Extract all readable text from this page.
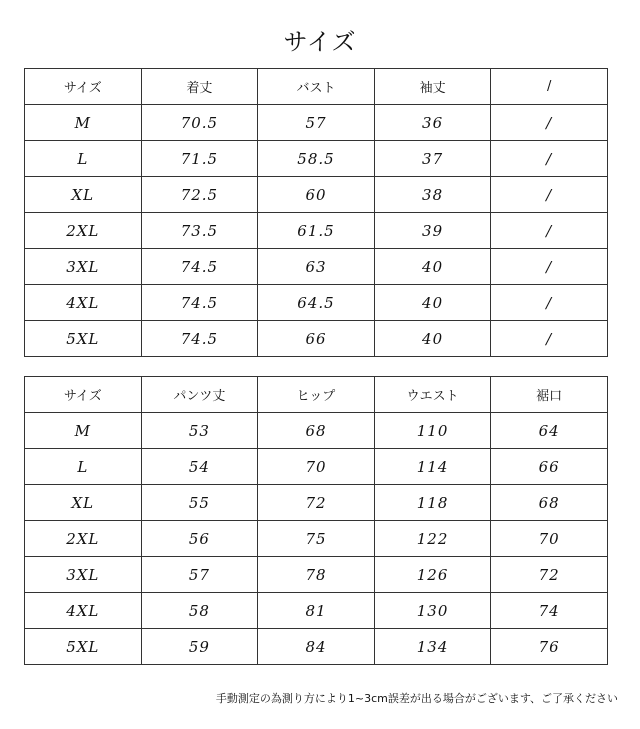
サイズ
サイズ	着丈	バスト	袖丈	/
M	70.5	57	36	/
L	71.5	58.5	37	/
XL	72.5	60	38	/
2XL	73.5	61.5	39	/
3XL	74.5	63	40	/
4XL	74.5	64.5	40	/
5XL	74.5	66	40	/
サイズ	パンツ丈	ヒップ	ウエスト	裾口
M	53	68	110	64
L	54	70	114	66
XL	55	72	118	68
2XL	56	75	122	70
3XL	57	78	126	72
4XL	58	81	130	74
5XL	59	84	134	76
手動測定の為測り方により1~3cm誤差が出る場合がございます、ご了承ください
